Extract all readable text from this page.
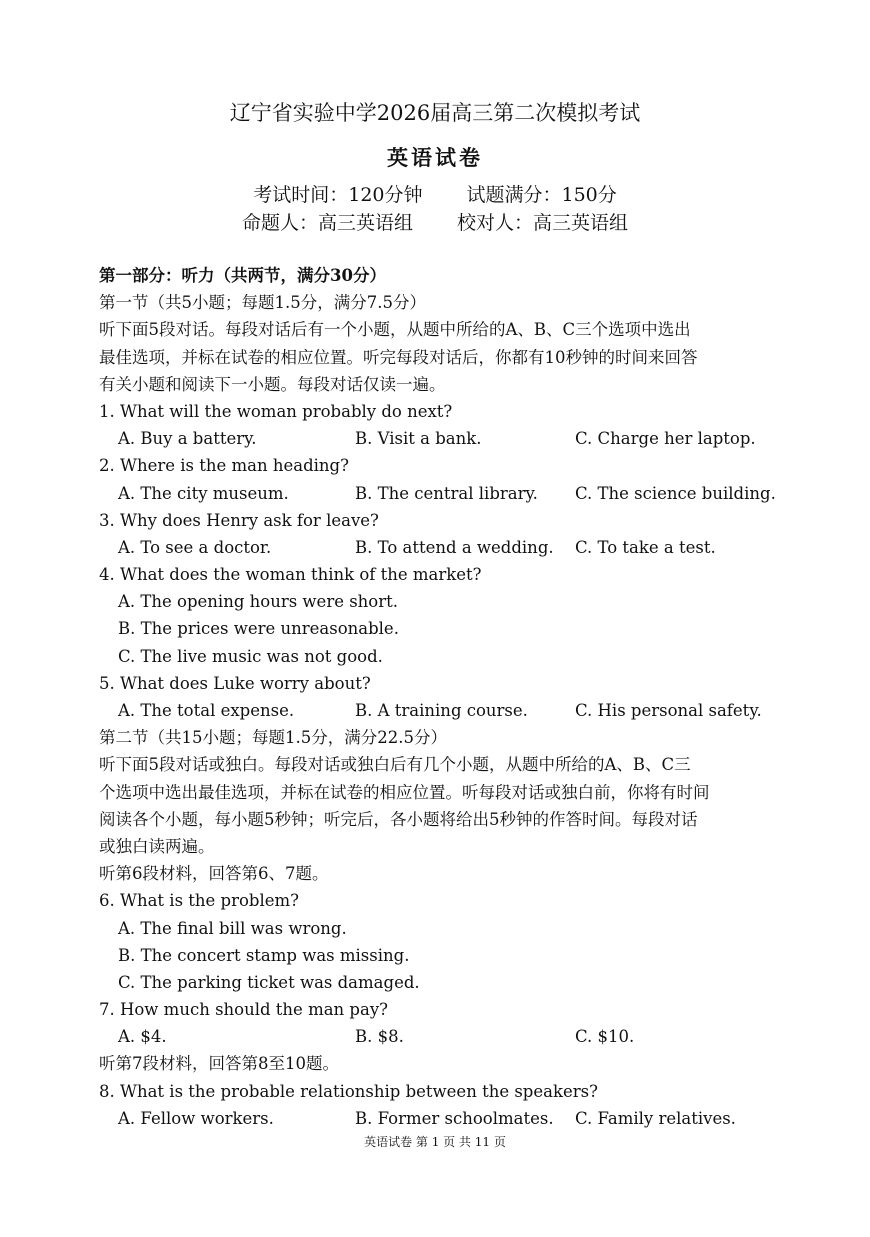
辽宁省实验中学2026届高三第二次模拟考试
英语试卷
考试时间：120分钟 试题满分：150分
命题人：高三英语组 校对人：高三英语组
第一部分：听力（共两节，满分30分）
第一节（共5小题；每题1.5分，满分7.5分）
听下面5段对话。每段对话后有一个小题，从题中所给的A、B、C三个选项中选出
最佳选项，并标在试卷的相应位置。听完每段对话后，你都有10秒钟的时间来回答
有关小题和阅读下一小题。每段对话仅读一遍。
1. What will the woman probably do next?
A. Buy a battery.	B. Visit a bank.	C. Charge her laptop.
2. Where is the man heading?
A. The city museum.	B. The central library. C. The science building.
3. Why does Henry ask for leave?
A. To see a doctor.	B. To attend a wedding. C. To take a test.
4. What does the woman think of the market?
A. The opening hours were short.
B. The prices were unreasonable.
C. The live music was not good.
5. What does Luke worry about?
A. The total expense.	B. A training course.	C. His personal safety.
第二节（共15小题；每题1.5分，满分22.5分）
听下面5段对话或独白。每段对话或独白后有几个小题，从题中所给的A、B、C三
个选项中选出最佳选项，并标在试卷的相应位置。听每段对话或独白前，你将有时间
阅读各个小题，每小题5秒钟；听完后，各小题将给出5秒钟的作答时间。每段对话
或独白读两遍。
听第6段材料，回答第6、7题。
6. What is the problem?
A. The final bill was wrong.
B. The concert stamp was missing.
C. The parking ticket was damaged.
7. How much should the man pay?
A. $4.	B. $8.	C. $10.
听第7段材料，回答第8至10题。
8. What is the probable relationship between the speakers?
A. Fellow workers.	B. Former schoolmates. C. Family relatives.
英语试卷 第 1 页 共 11 页
